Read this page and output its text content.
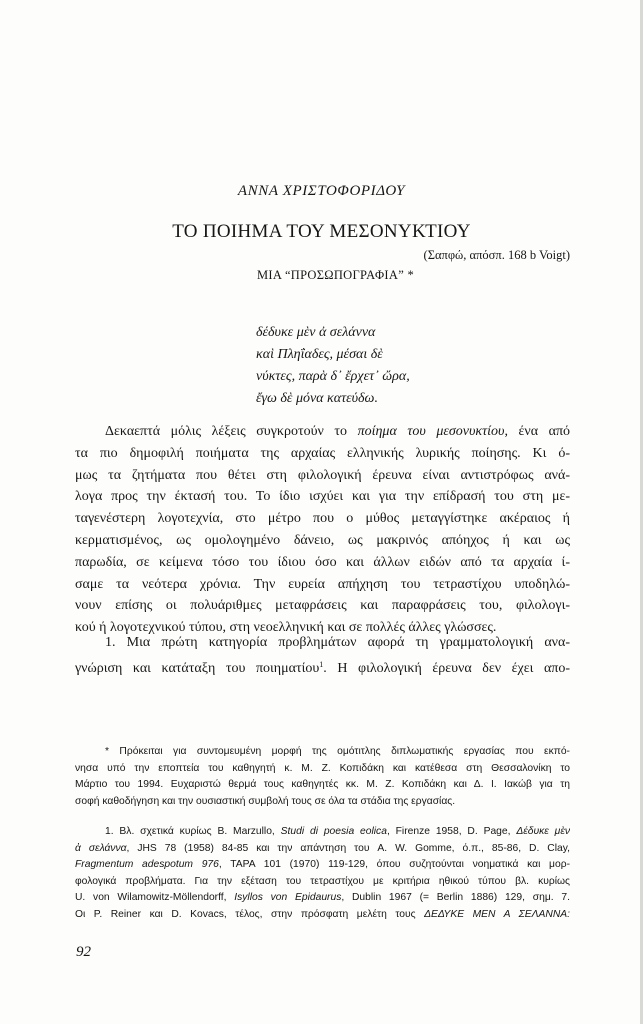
ΑΝΝΑ ΧΡΙΣΤΟΦΟΡΙΔΟΥ
ΤΟ ΠΟΙΗΜΑ ΤΟΥ ΜΕΣΟΝΥΚΤΙΟΥ
(Σαπφώ, απόσπ. 168 b Voigt)
ΜΙΑ “ΠΡΟΣΩΠΟΓΡΑΦΙΑ” *
δέδυκε μὲν ἀ σελάννα
καὶ Πληΐαδες, μέσαι δὲ
νύκτες, παρὰ δ᾽ ἔρχετ᾽ ὤρα,
ἔγω δὲ μόνα κατεύδω.
Δεκαεπτά μόλις λέξεις συγκροτούν το ποίημα του μεσονυκτίου, ένα από
τα πιο δημοφιλή ποιήματα της αρχαίας ελληνικής λυρικής ποίησης. Κι ό-
μως τα ζητήματα που θέτει στη φιλολογική έρευνα είναι αντιστρόφως ανά-
λογα προς την έκτασή του. Το ίδιο ισχύει και για την επίδρασή του στη με-
ταγενέστερη λογοτεχνία, στο μέτρο που ο μύθος μεταγγίστηκε ακέραιος ή
κερματισμένος, ως ομολογημένο δάνειο, ως μακρινός απόηχος ή και ως
παρωδία, σε κείμενα τόσο του ίδιου όσο και άλλων ειδών από τα αρχαία ί-
σαμε τα νεότερα χρόνια. Την ευρεία απήχηση του τετραστίχου υποδηλώ-
νουν επίσης οι πολυάριθμες μεταφράσεις και παραφράσεις του, φιλολογι-
κού ή λογοτεχνικού τύπου, στη νεοελληνική και σε πολλές άλλες γλώσσες.
1. Μια πρώτη κατηγορία προβλημάτων αφορά τη γραμματολογική ανα-
γνώριση και κατάταξη του ποιηματίου$^1$. Η φιλολογική έρευνα δεν έχει απο-
* Πρόκειται για συντομευμένη μορφή της ομότιτλης διπλωματικής εργασίας που εκπό-
νησα υπό την εποπτεία του καθηγητή κ. Μ. Ζ. Κοπιδάκη και κατέθεσα στη Θεσσαλονίκη το
Μάρτιο του 1994. Ευχαριστώ θερμά τους καθηγητές κκ. Μ. Ζ. Κοπιδάκη και Δ. Ι. Ιακώβ για τη
σοφή καθοδήγηση και την ουσιαστική συμβολή τους σε όλα τα στάδια της εργασίας.
1. Βλ. σχετικά κυρίως B. Marzullo, Studi di poesia eolica, Firenze 1958, D. Page, Δέδυκε μὲν
ἀ σελάννα, JHS 78 (1958) 84-85 και την απάντηση του A. W. Gomme, ό.π., 85-86, D. Clay,
Fragmentum adespotum 976, TAPA 101 (1970) 119-129, όπου συζητούνται νοηματικά και μορ-
φολογικά προβλήματα. Για την εξέταση του τετραστίχου με κριτήρια ηθικού τύπου βλ. κυρίως
U. von Wilamowitz-Möllendorff, Isyllos von Epidaurus, Dublin 1967 (= Berlin 1886) 129, σημ. 7.
Οι P. Reiner και D. Kovacs, τέλος, στην πρόσφατη μελέτη τους ΔΕΔΥΚΕ ΜΕΝ Α ΣΕΛΑΝΝΑ:
92
